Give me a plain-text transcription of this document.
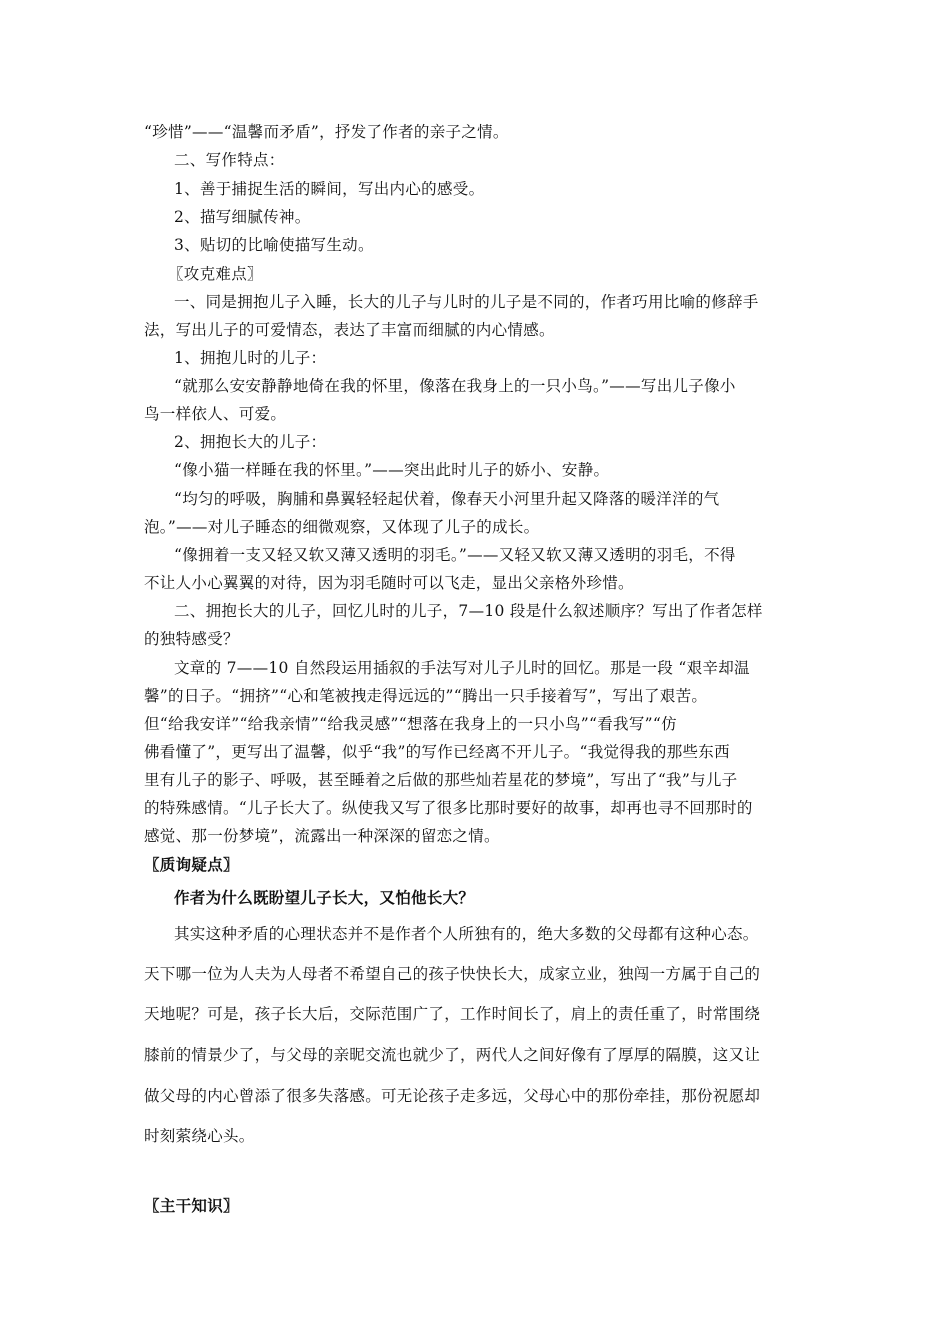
“珍惜”——“温馨而矛盾”，抒发了作者的亲子之情。
二、写作特点：
1、善于捕捉生活的瞬间，写出内心的感受。
2、描写细腻传神。
3、贴切的比喻使描写生动。
〖攻克难点〗
一、同是拥抱儿子入睡，长大的儿子与儿时的儿子是不同的，作者巧用比喻的修辞手
法，写出儿子的可爱情态，表达了丰富而细腻的内心情感。
1、拥抱儿时的儿子：
“就那么安安静静地倚在我的怀里，像落在我身上的一只小鸟。”——写出儿子像小
鸟一样依人、可爱。
2、拥抱长大的儿子：
“像小猫一样睡在我的怀里。”——突出此时儿子的娇小、安静。
“均匀的呼吸，胸脯和鼻翼轻轻起伏着，像春天小河里升起又降落的暖洋洋的气
泡。”——对儿子睡态的细微观察，又体现了儿子的成长。
“像拥着一支又轻又软又薄又透明的羽毛。”——又轻又软又薄又透明的羽毛，不得
不让人小心翼翼的对待，因为羽毛随时可以飞走，显出父亲格外珍惜。
二、拥抱长大的儿子，回忆儿时的儿子，7—10 段是什么叙述顺序？写出了作者怎样
的独特感受？
文章的 7——10 自然段运用插叙的手法写对儿子儿时的回忆。那是一段 “艰辛却温
馨”的日子。“拥挤”“心和笔被拽走得远远的”“腾出一只手接着写”，写出了艰苦。
但“给我安详”“给我亲情”“给我灵感”“想落在我身上的一只小鸟”“看我写”“仿
佛看懂了”，更写出了温馨，似乎“我”的写作已经离不开儿子。“我觉得我的那些东西
里有儿子的影子、呼吸，甚至睡着之后做的那些灿若星花的梦境”，写出了“我”与儿子
的特殊感情。“儿子长大了。纵使我又写了很多比那时要好的故事，却再也寻不回那时的
感觉、那一份梦境”，流露出一种深深的留恋之情。
〖质询疑点〗
作者为什么既盼望儿子长大，又怕他长大？
其实这种矛盾的心理状态并不是作者个人所独有的，绝大多数的父母都有这种心态。
天下哪一位为人夫为人母者不希望自己的孩子快快长大，成家立业，独闯一方属于自己的
天地呢？可是，孩子长大后，交际范围广了，工作时间长了，肩上的责任重了，时常围绕
膝前的情景少了，与父母的亲昵交流也就少了，两代人之间好像有了厚厚的隔膜，这又让
做父母的内心曾添了很多失落感。可无论孩子走多远，父母心中的那份牵挂，那份祝愿却
时刻萦绕心头。
〖主干知识〗
